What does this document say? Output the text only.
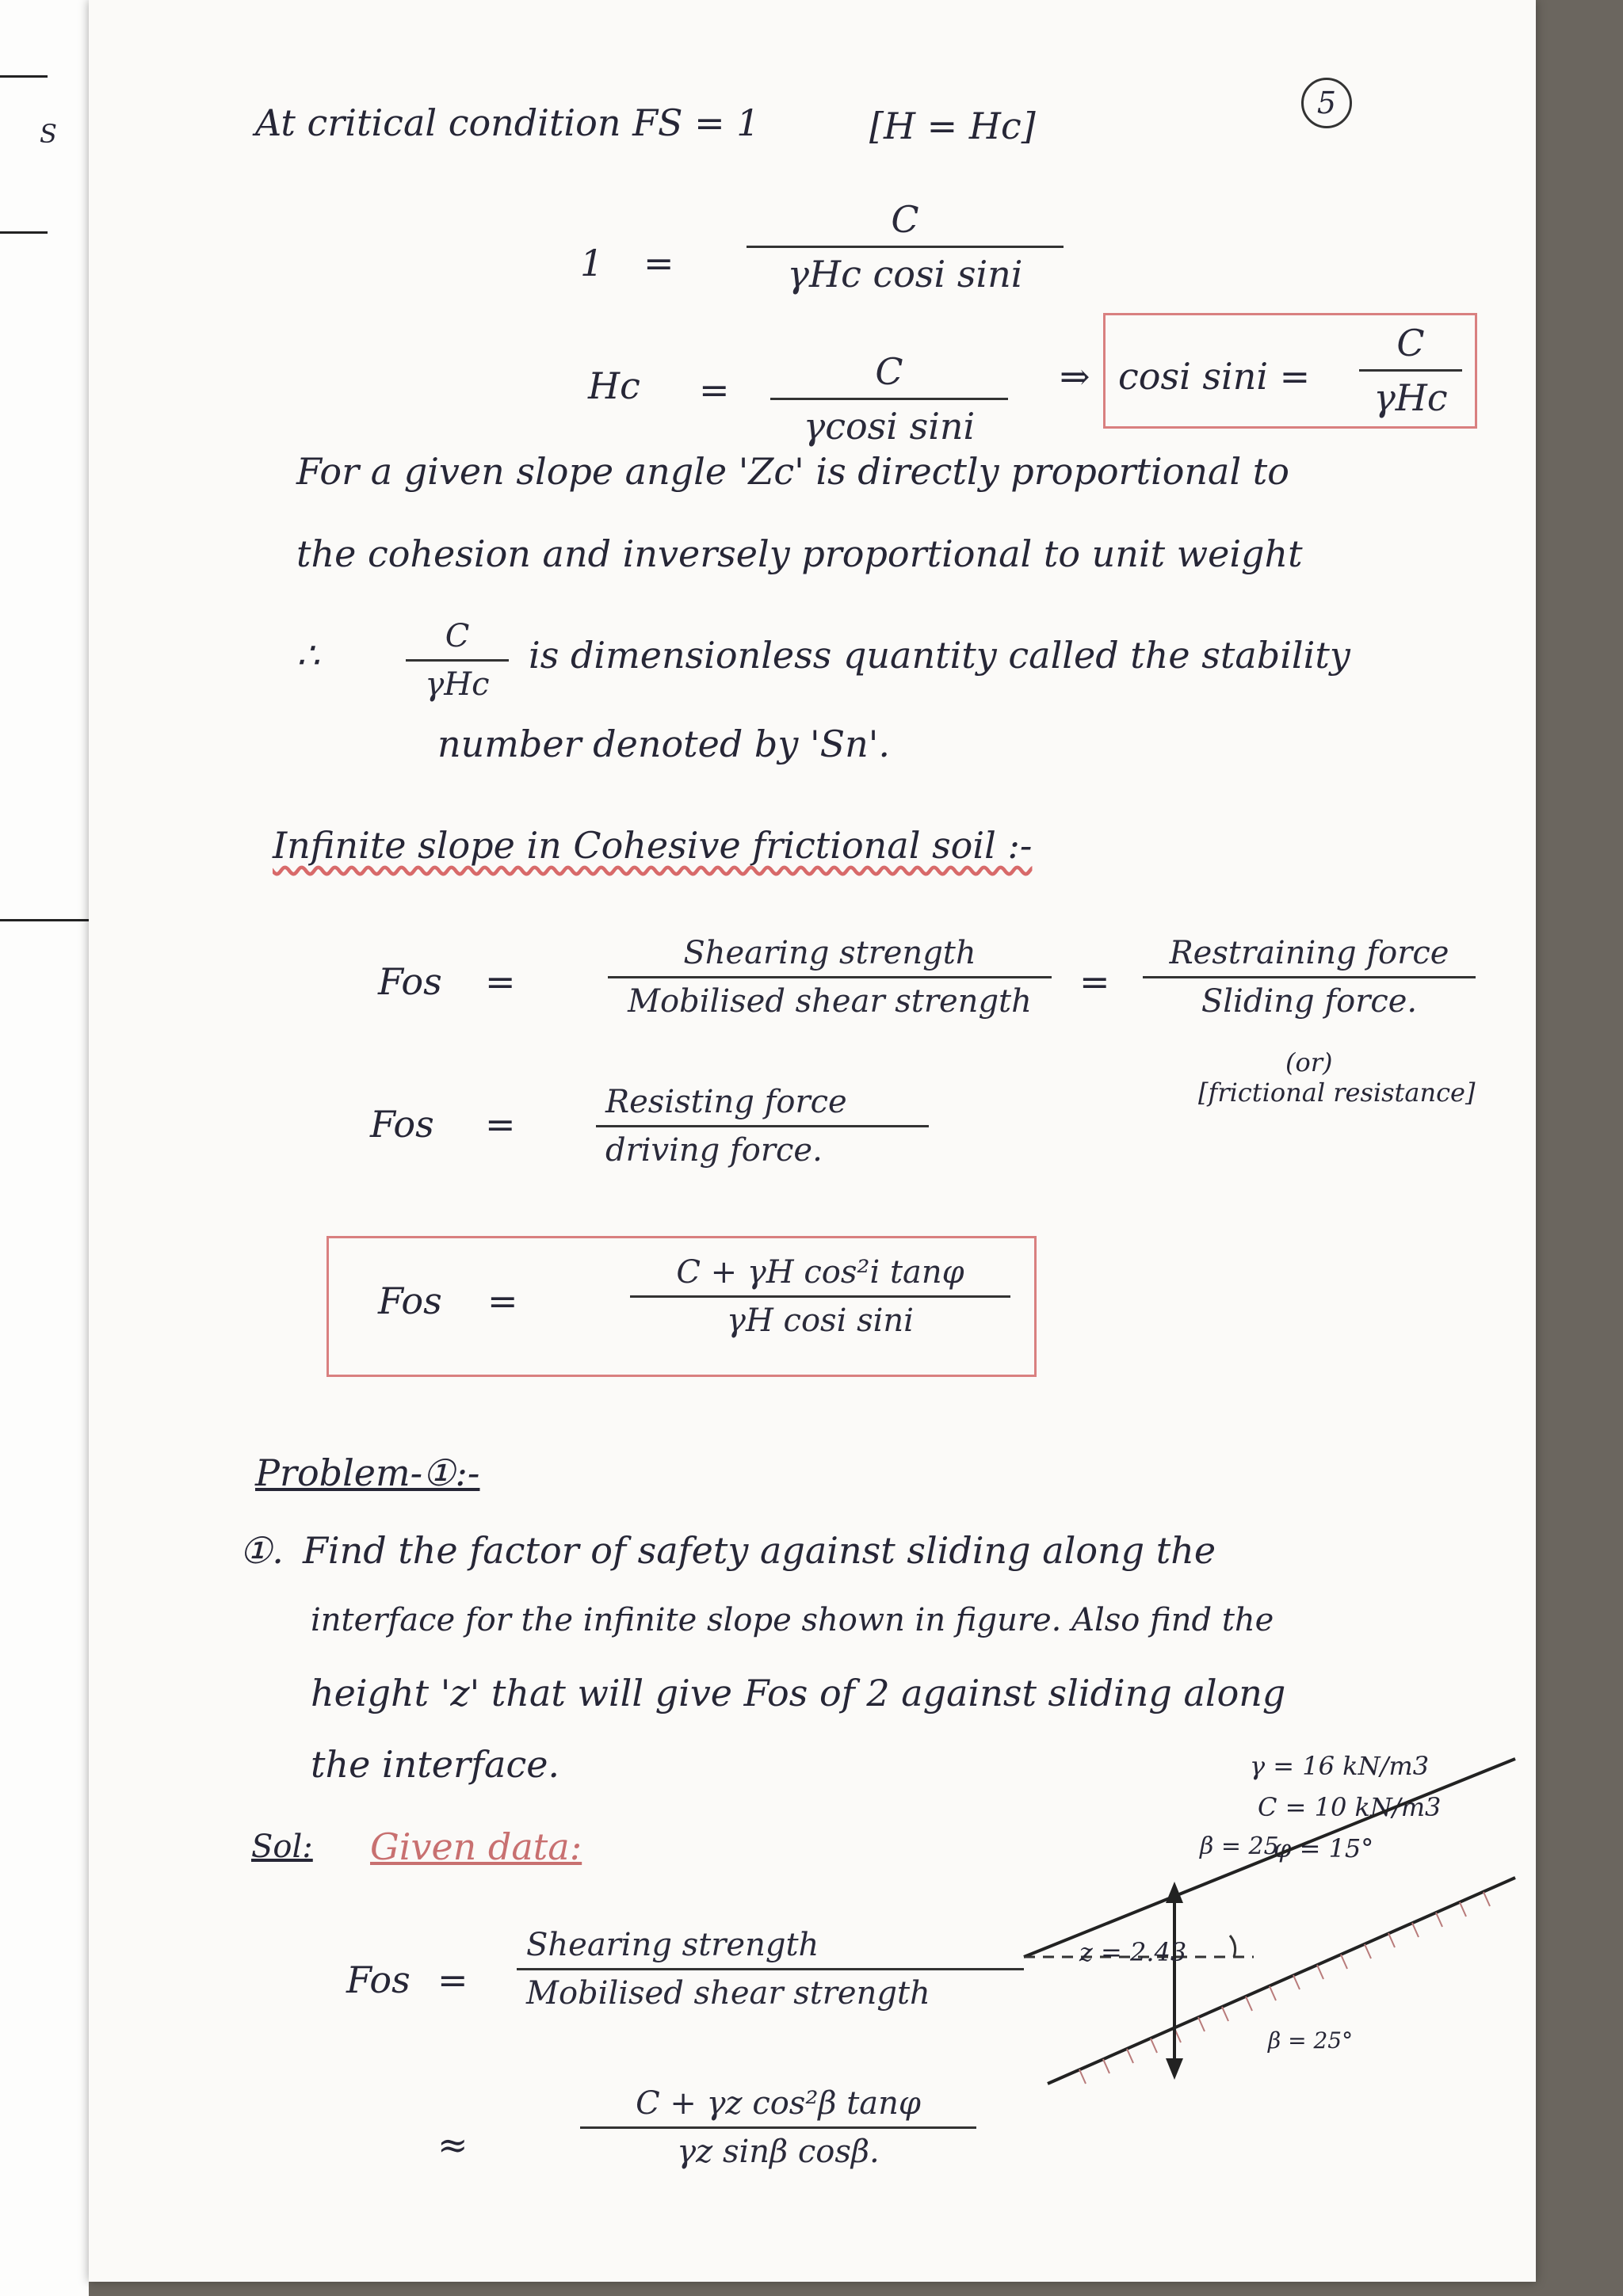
S	At critical condition FS = 1	[H = Hc]
5
1 =
C
γHc cosi sini
$Hc = \frac{C}{\text{γcosi sini}}$ ⇒ cosi sini =
C
γHc
For a given slope angle 'Zc' is directly proportional to
the cohesion and inversely proportional to unit weight
∴	C
γHc
is dimensionless quantity called the stability
number denoted by 'Sn'.
Infinite slope in Cohesive frictional soil :-
Fos =
Shearing strength
Mobilised shear strength	=
Restraining force
Sliding force.
(or)
[frictional resistance]
Fos =
Resisting force
driving force.
Fos =	$\frac{\text{C + γH cos²i tanφ}}{\text{γH cosi sini}}$
Problem-①:-
①. Find the factor of safety against sliding along the
interface for the infinite slope shown in figure. Also find the
height 'z' that will give Fos of 2 against sliding along
the interface.
Sol: Given data:
Fos =
Shearing strength
Mobilised shear strength
≈	$\frac{\text{C + γz cos²β tanφ}}{\text{γz sinβ cosβ.}}$
γ = 16 kN/m3
C = 10 kN/m3
φ = 15°
β = 25
z = 2.43
β = 25°
